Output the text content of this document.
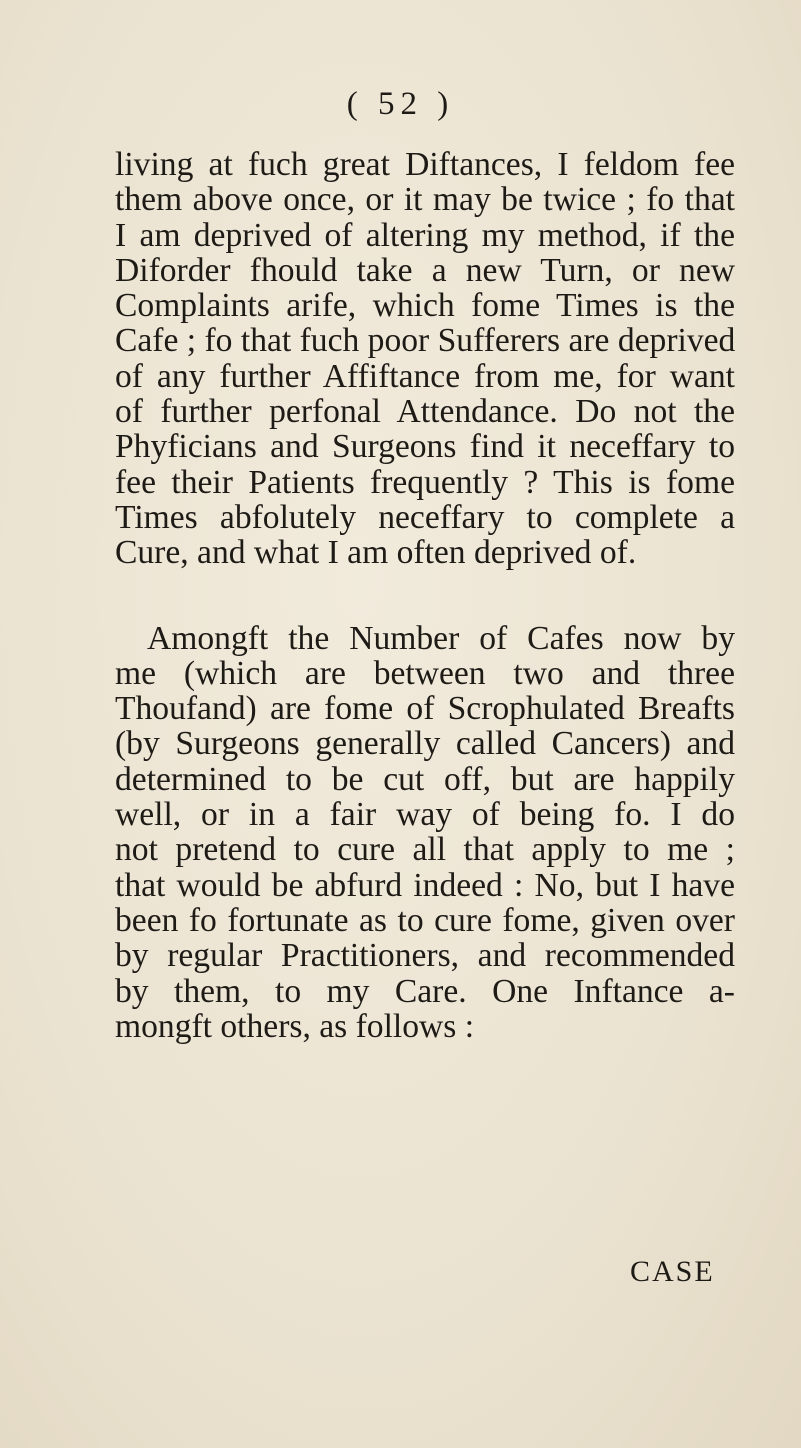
( 52 )
living at fuch great Diftances, I feldom fee
them above once, or it may be twice ; fo that
I am deprived of altering my method, if the
Diforder fhould take a new Turn, or new
Complaints arife, which fome Times is the
Cafe ; fo that fuch poor Sufferers are deprived
of any further Affiftance from me, for want
of further perfonal Attendance. Do not the
Phyficians and Surgeons find it neceffary to
fee their Patients frequently ? This is fome
Times abfolutely neceffary to complete a
Cure, and what I am often deprived of.
Amongft the Number of Cafes now by
me (which are between two and three
Thoufand) are fome of Scrophulated Breafts
(by Surgeons generally called Cancers) and
determined to be cut off, but are happily
well, or in a fair way of being fo. I do
not pretend to cure all that apply to me ;
that would be abfurd indeed : No, but I have
been fo fortunate as to cure fome, given over
by regular Practitioners, and recommended
by them, to my Care. One Inftance a-
mongft others, as follows :
CASE
